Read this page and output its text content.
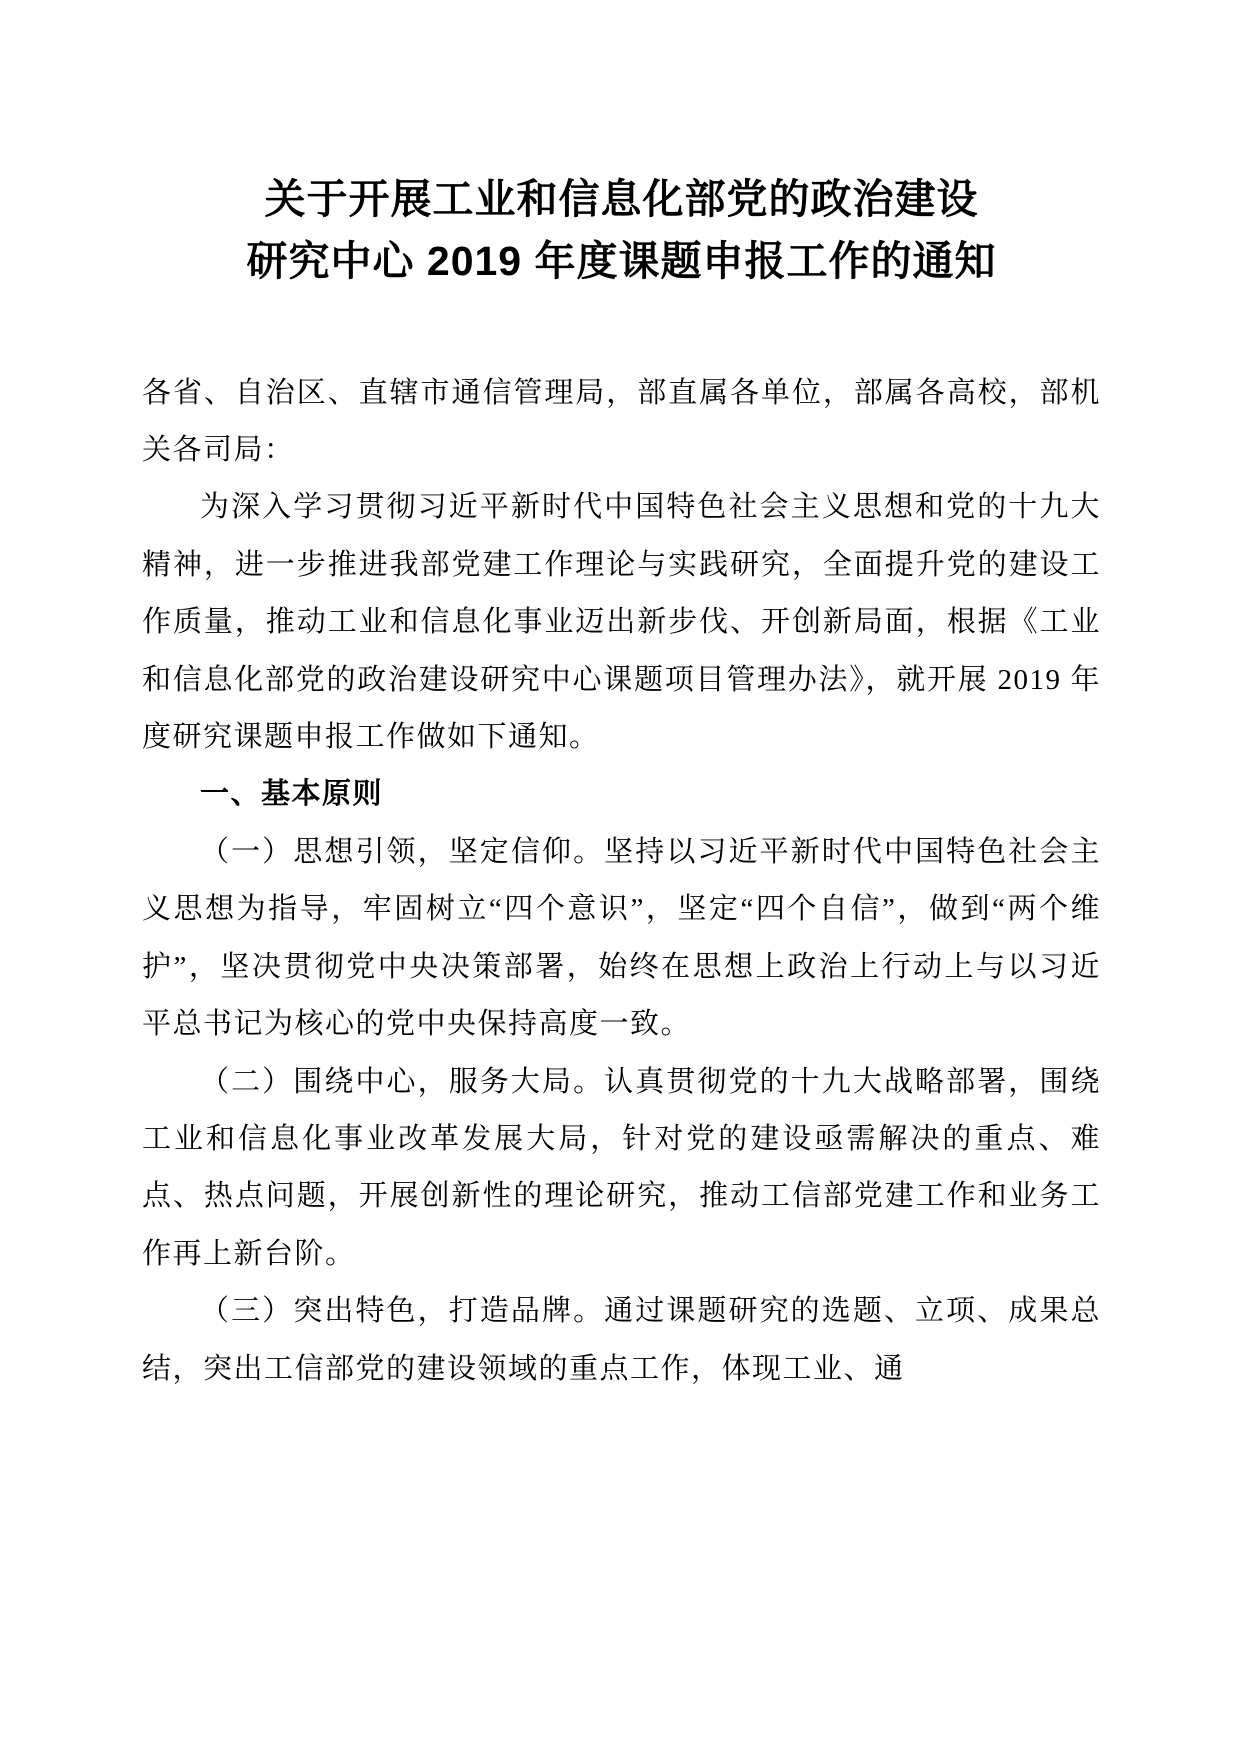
关于开展工业和信息化部党的政治建设
研究中心 2019 年度课题申报工作的通知

各省、自治区、直辖市通信管理局，部直属各单位，部属各高校，部机关各司局：

为深入学习贯彻习近平新时代中国特色社会主义思想和党的十九大精神，进一步推进我部党建工作理论与实践研究，全面提升党的建设工作质量，推动工业和信息化事业迈出新步伐、开创新局面，根据《工业和信息化部党的政治建设研究中心课题项目管理办法》，就开展 2019 年度研究课题申报工作做如下通知。

一、基本原则

（一）思想引领，坚定信仰。坚持以习近平新时代中国特色社会主义思想为指导，牢固树立“四个意识”，坚定“四个自信”，做到“两个维护”，坚决贯彻党中央决策部署，始终在思想上政治上行动上与以习近平总书记为核心的党中央保持高度一致。

（二）围绕中心，服务大局。认真贯彻党的十九大战略部署，围绕工业和信息化事业改革发展大局，针对党的建设亟需解决的重点、难点、热点问题，开展创新性的理论研究，推动工信部党建工作和业务工作再上新台阶。

（三）突出特色，打造品牌。通过课题研究的选题、立项、成果总结，突出工信部党的建设领域的重点工作，体现工业、通
